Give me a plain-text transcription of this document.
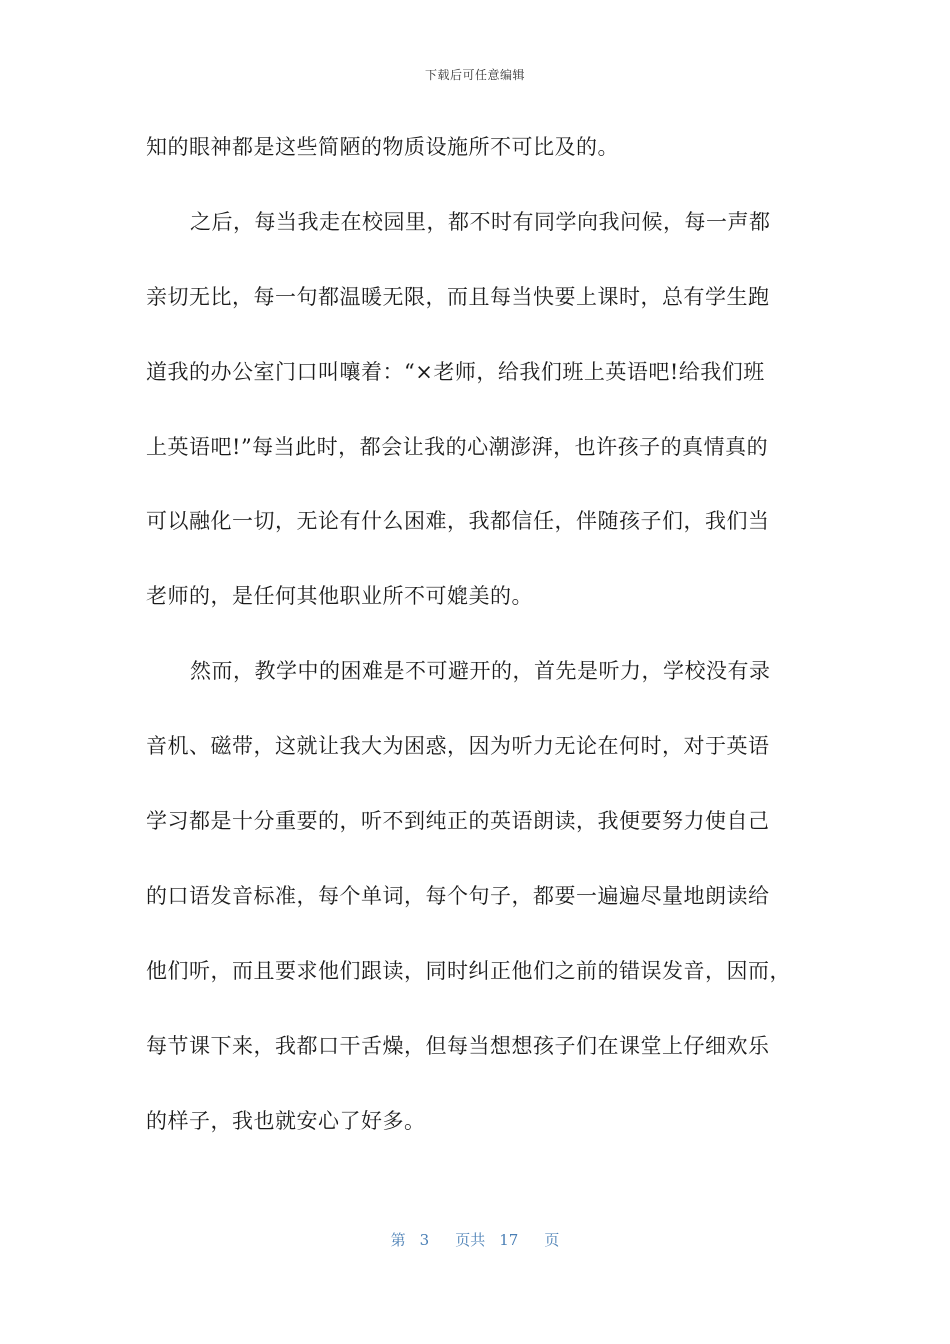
下载后可任意编辑
知的眼神都是这些简陋的物质设施所不可比及的。
之后，每当我走在校园里，都不时有同学向我问候，每一声都
亲切无比，每一句都温暖无限，而且每当快要上课时，总有学生跑
道我的办公室门口叫嚷着：“×老师，给我们班上英语吧!给我们班
上英语吧!”每当此时，都会让我的心潮澎湃，也许孩子的真情真的
可以融化一切，无论有什么困难，我都信任，伴随孩子们，我们当
老师的，是任何其他职业所不可媲美的。
然而，教学中的困难是不可避开的，首先是听力，学校没有录
音机、磁带，这就让我大为困惑，因为听力无论在何时，对于英语
学习都是十分重要的，听不到纯正的英语朗读，我便要努力使自己
的口语发音标准，每个单词，每个句子，都要一遍遍尽量地朗读给
他们听，而且要求他们跟读，同时纠正他们之前的错误发音，因而，
每节课下来，我都口干舌燥，但每当想想孩子们在课堂上仔细欢乐
的样子，我也就安心了好多。
第 3 页共 17 页
